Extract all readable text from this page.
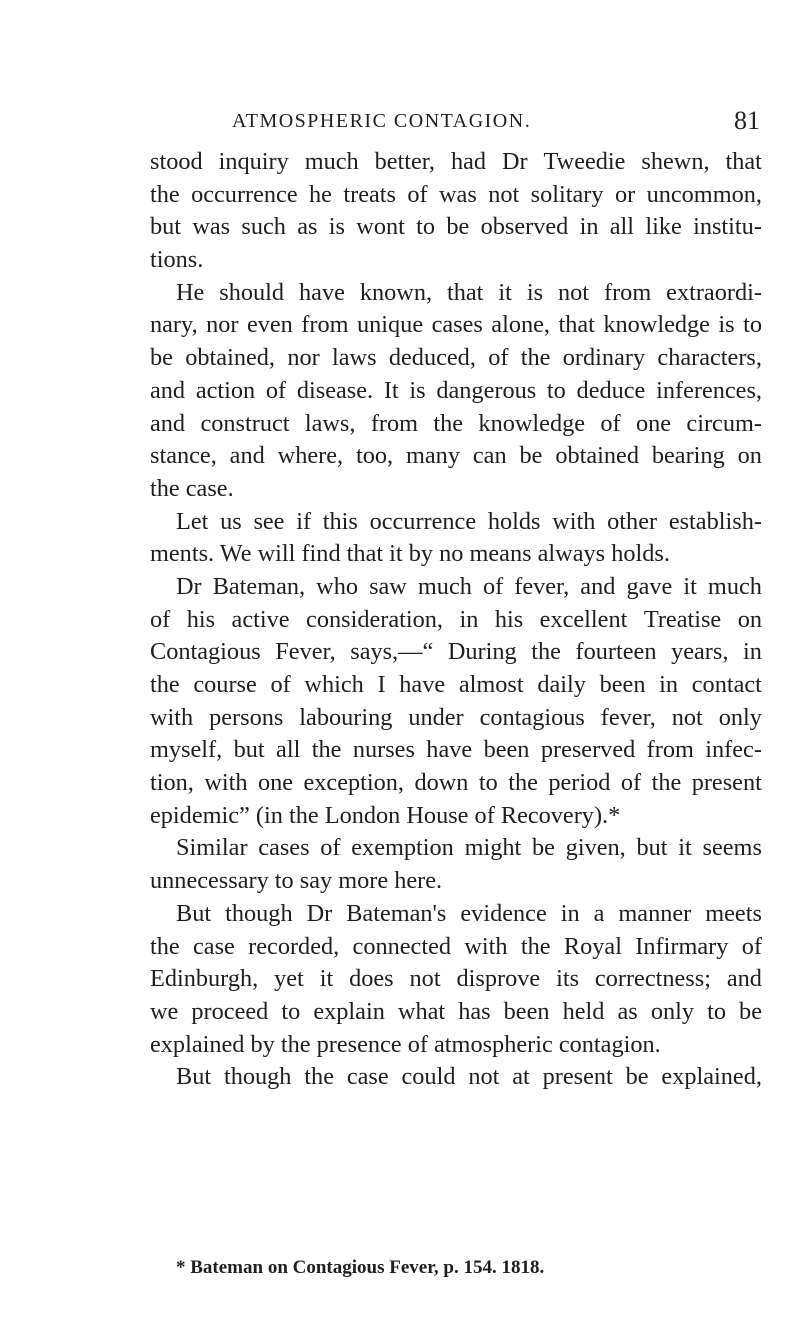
ATMOSPHERIC CONTAGION.	81
stood inquiry much better, had Dr Tweedie shewn, that
the occurrence he treats of was not solitary or uncommon,
but was such as is wont to be observed in all like institu-
tions.
He should have known, that it is not from extraordi-
nary, nor even from unique cases alone, that knowledge is to
be obtained, nor laws deduced, of the ordinary characters,
and action of disease. It is dangerous to deduce inferences,
and construct laws, from the knowledge of one circum-
stance, and where, too, many can be obtained bearing on
the case.
Let us see if this occurrence holds with other establish-
ments. We will find that it by no means always holds.
Dr Bateman, who saw much of fever, and gave it much
of his active consideration, in his excellent Treatise on
Contagious Fever, says,—“ During the fourteen years, in
the course of which I have almost daily been in contact
with persons labouring under contagious fever, not only
myself, but all the nurses have been preserved from infec-
tion, with one exception, down to the period of the present
epidemic” (in the London House of Recovery).*
Similar cases of exemption might be given, but it seems
unnecessary to say more here.
But though Dr Bateman's evidence in a manner meets
the case recorded, connected with the Royal Infirmary of
Edinburgh, yet it does not disprove its correctness; and
we proceed to explain what has been held as only to be
explained by the presence of atmospheric contagion.
But though the case could not at present be explained,
* Bateman on Contagious Fever, p. 154. 1818.
